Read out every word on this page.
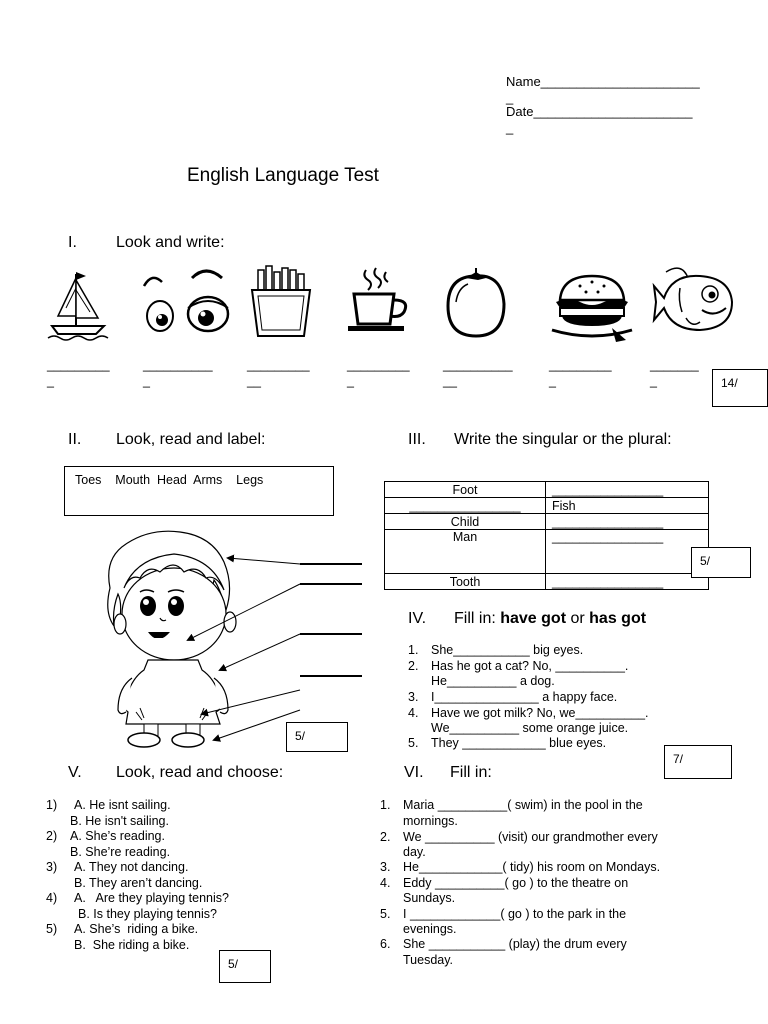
Name______________________
_
Date______________________
_
English Language Test
I. Look and write:
_________
_
__________
_
_________
__
_________
_
__________
__
_________
_
_______
_	14/
II. Look, read and label:
Toes    Mouth  Head  Arms    Legs
5/
III. Write the singular or the plural:
Foot	________________
________________	Fish
Child	________________
Man	________________
Tooth	________________
5/
IV. Fill in: have got or has got
1. She___________ big eyes.
2. Has he got a cat? No, __________.
He__________ a dog.
3. I_______________ a happy face.
4. Have we got milk? No, we__________.
We__________ some orange juice.
5. They ____________ blue eyes.
7/
V. Look, read and choose:
1) A. He isnt sailing.
B. He isn't sailing.
2) A. She’s reading.
B. She’re reading.
3) A. They not dancing.
B. They aren’t dancing.
4) A.   Are they playing tennis?
B. Is they playing tennis?
5) A. She’s  riding a bike.
B.  She riding a bike.
5/
VI. Fill in:
1. Maria __________( swim) in the pool in the
mornings.
2. We __________ (visit) our grandmother every
day.
3. He____________( tidy) his room on Mondays.
4. Eddy __________( go ) to the theatre on
Sundays.
5. I _____________( go ) to the park in the
evenings.
6. She ___________ (play) the drum every
Tuesday.
